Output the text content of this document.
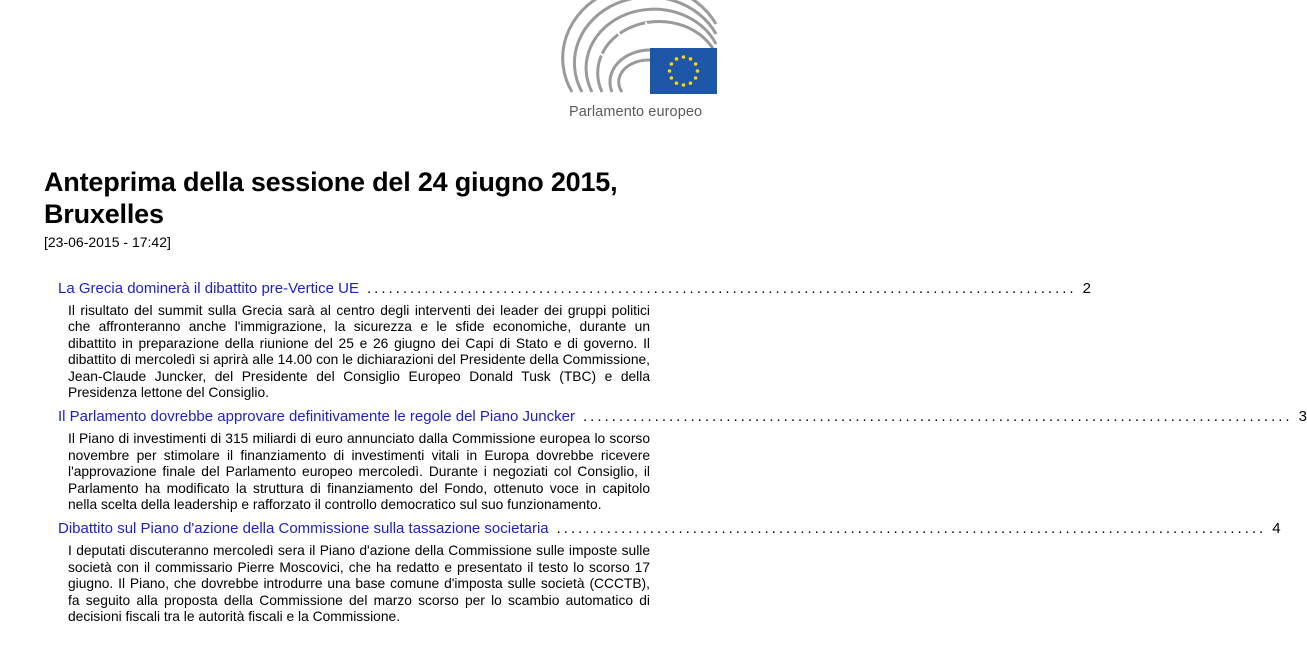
Parlamento europeo
Anteprima della sessione del 24 giugno 2015, Bruxelles

[23-06-2015 - 17:42]

La Grecia dominerà il dibattito pre-Vertice UE ................................................................................................... 2

Il risultato del summit sulla Grecia sarà al centro degli interventi dei leader dei gruppi politici che affronteranno anche l'immigrazione, la sicurezza e le sfide economiche, durante un dibattito in preparazione della riunione del 25 e 26 giugno dei Capi di Stato e di governo. Il dibattito di mercoledì si aprirà alle 14.00 con le dichiarazioni del Presidente della Commissione, Jean-Claude Juncker, del Presidente del Consiglio Europeo Donald Tusk (TBC) e della Presidenza lettone del Consiglio.

Il Parlamento dovrebbe approvare definitivamente le regole del Piano Juncker ................................................................................................... 3

Il Piano di investimenti di 315 miliardi di euro annunciato dalla Commissione europea lo scorso novembre per stimolare il finanziamento di investimenti vitali in Europa dovrebbe ricevere l'approvazione finale del Parlamento europeo mercoledì. Durante i negoziati col Consiglio, il Parlamento ha modificato la struttura di finanziamento del Fondo, ottenuto voce in capitolo nella scelta della leadership e rafforzato il controllo democratico sul suo funzionamento.

Dibattito sul Piano d'azione della Commissione sulla tassazione societaria ................................................................................................... 4

I deputati discuteranno mercoledì sera il Piano d'azione della Commissione sulle imposte sulle società con il commissario Pierre Moscovici, che ha redatto e presentato il testo lo scorso 17 giugno. Il Piano, che dovrebbe introdurre una base comune d'imposta sulle società (CCCTB), fa seguito alla proposta della Commissione del marzo scorso per lo scambio automatico di decisioni fiscali tra le autorità fiscali e la Commissione.
